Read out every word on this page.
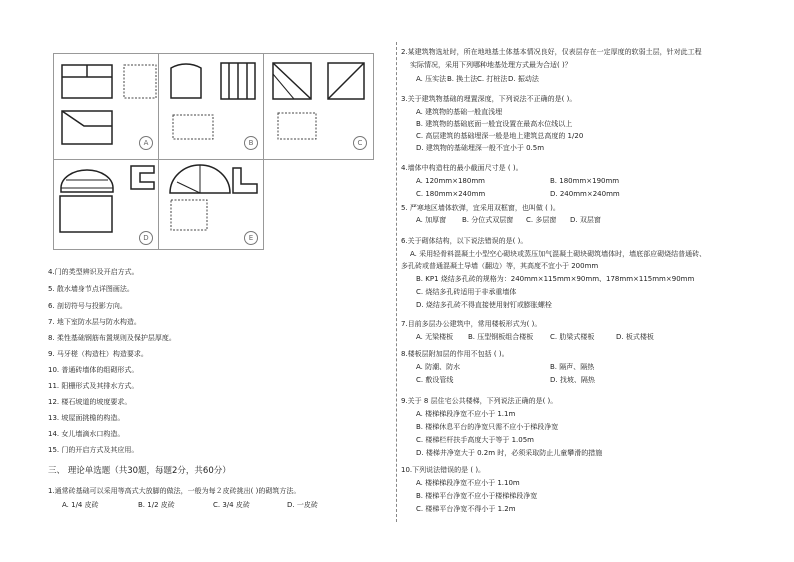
A	B	C
D	E
4.门的类型辨识及开启方式。
5. 散水墙身节点详图画法。
6. 剖切符号与投影方向。
7. 地下室防水层与防水构造。
8. 柔性基础钢筋布置规则及保护层厚度。
9. 马牙槎（构造柱）构造要求。
10. 普通砖墙体的组砌形式。
11. 阳栅形式及其排水方式。
12. 楼石坡道的坡度要求。
13. 坡屋面挑檐的构造。
14. 女儿墙滴水口构造。
15. 门的开启方式及其应用。
三、 理论单选题（共30题，每题2分，共60分）
1.通常砖基础可以采用等高式大放脚的做法，一般为每２皮砖挑出( )的砌筑方法。
A. 1/4 皮砖	B. 1/2 皮砖	C. 3/4 皮砖	D. 一皮砖
2.某建筑物选址时，所在地地基土体基本情况良好，仅表层存在一定厚度的软弱土层，针对此工程
实际情况，采用下列哪种地基处理方式最为合适( )？
A. 压实法 B. 换土法 C. 打桩法 D. 振动法
3.关于建筑物基础的埋置深度，下列说法不正确的是( )。
A. 建筑物的基础一般直浅埋
B. 建筑物的基础底面一般宜设置在最高水位线以上
C. 高层建筑的基础埋深一般是地上建筑总高度的 1/20
D. 建筑物的基础埋深一般不宜小于 0.5m
4.墙体中构造柱的最小截面尺寸是 ( )。
A. 120mm×180mm	B. 180mm×190mm
C. 180mm×240mm	D. 240mm×240mm
5. 严寒地区墙体软弹，宜采用双框窗，也叫做 ( )。
A. 加厚窗 B. 分位式双层窗 C. 多层窗 D. 双层窗
6.关于砌体结构，以下说法错误的是( )。
A. 采用轻骨料混凝土小型空心砌块或蒸压加气混凝土砌块砌筑墙体时，墙底部应砌烧结普通砖、
多孔砖或普通混凝土导墙（翻边）等，其高度不宜小于 200mm
B. KP1 烧结多孔砖的规格为：240mm×115mm×90mm、178mm×115mm×90mm
C. 烧结多孔砖适用于非承重墙体
D. 烧结多孔砖不得直接使用射钉或膨胀螺栓
7.目前多层办公建筑中，常用楼板形式为( )。
A. 无梁楼板 B. 压型钢板组合楼板 C. 肋梁式楼板	D. 板式楼板
8.楼板层附加层的作用不包括 ( )。
A. 防潮、防水	B. 隔声、隔热
C. 敷设管线	D. 找坡、隔热
9.关于 8 层住宅公共楼梯，下列说法正确的是( )。
A. 楼梯梯段净宽不应小于 1.1m
B. 楼梯休息平台的净宽只需不应小于梯段净宽
C. 楼梯栏杆扶手高度大于等于 1.05m
D. 楼梯井净宽大于 0.2m 时，必须采取防止儿童攀滑的措施
10.下列说法错误的是 ( )。
A. 楼梯梯段净宽不应小于 1.10m
B. 楼梯平台净宽不应小于楼梯梯段净宽
C. 楼梯平台净宽不得小于 1.2m
